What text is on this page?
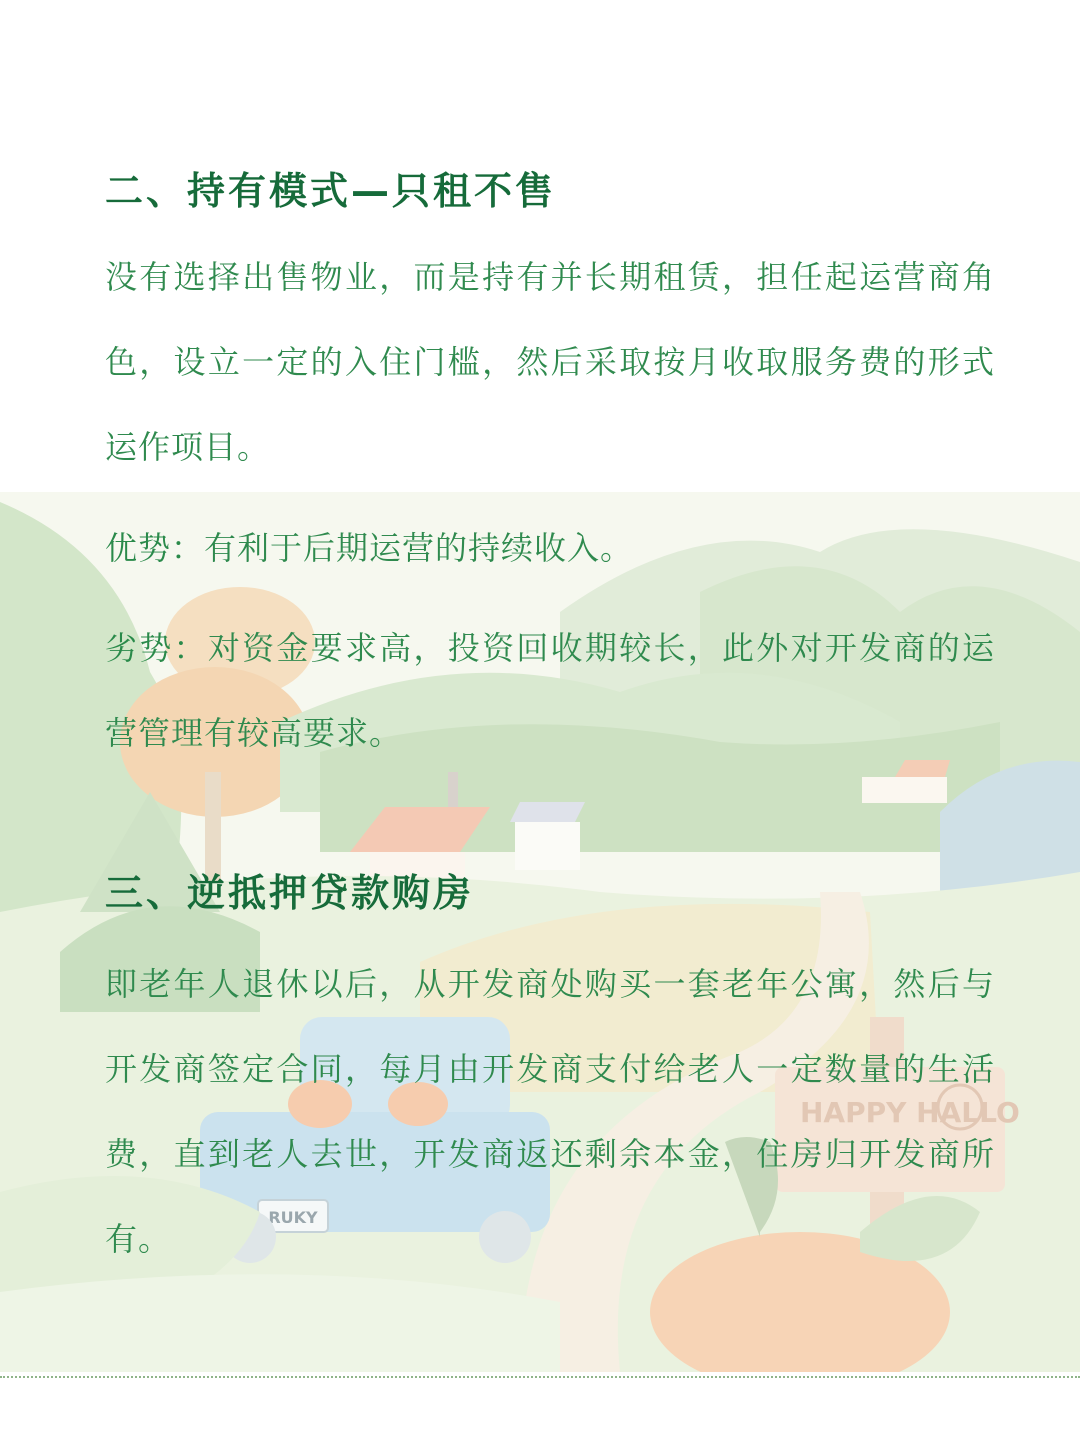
RUKY
HAPPY HALLO
二、持有模式—只租不售

没有选择出售物业，而是持有并长期租赁，担任起运营商角色，设立一定的入住门槛，然后采取按月收取服务费的形式运作项目。

优势：有利于后期运营的持续收入。

劣势：对资金要求高，投资回收期较长，此外对开发商的运营管理有较高要求。

三、逆抵押贷款购房

即老年人退休以后，从开发商处购买一套老年公寓，然后与开发商签定合同，每月由开发商支付给老人一定数量的生活费，直到老人去世，开发商返还剩余本金，住房归开发商所有。
